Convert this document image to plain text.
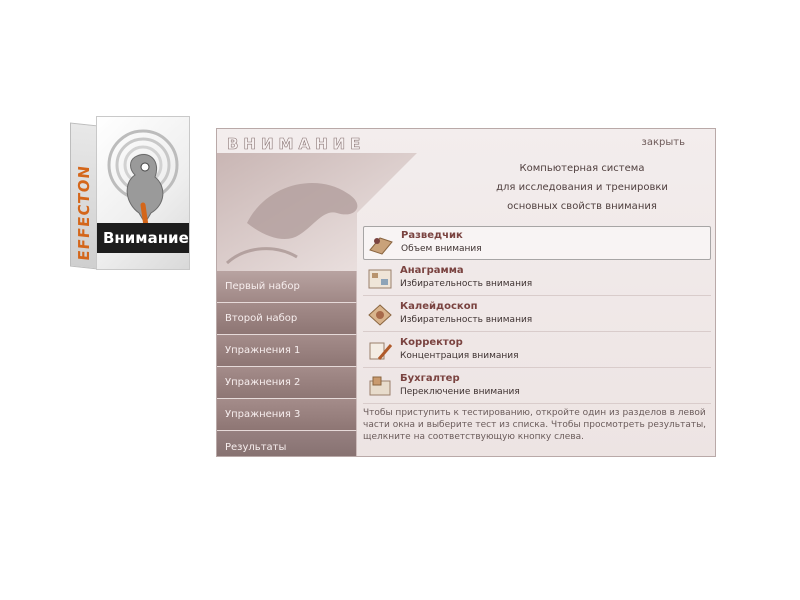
EFFECTON Внимание
Первый набор
Второй набор
Упражнения 1
Упражнения 2
Упражнения 3
Результаты
ВНИМАНИЕ	закрыть
Компьютерная система
для исследования и тренировки
основных свойств внимания
Разведчик
Объем внимания
Анаграмма
Избирательность внимания
Калейдоскоп
Избирательность внимания
Корректор
Концентрация внимания
Бухгалтер
Переключение внимания
Чтобы приступить к тестированию, откройте один из разделов в левой части окна и выберите тест из списка. Чтобы просмотреть результаты, щелкните на соответствующую кнопку слева.
